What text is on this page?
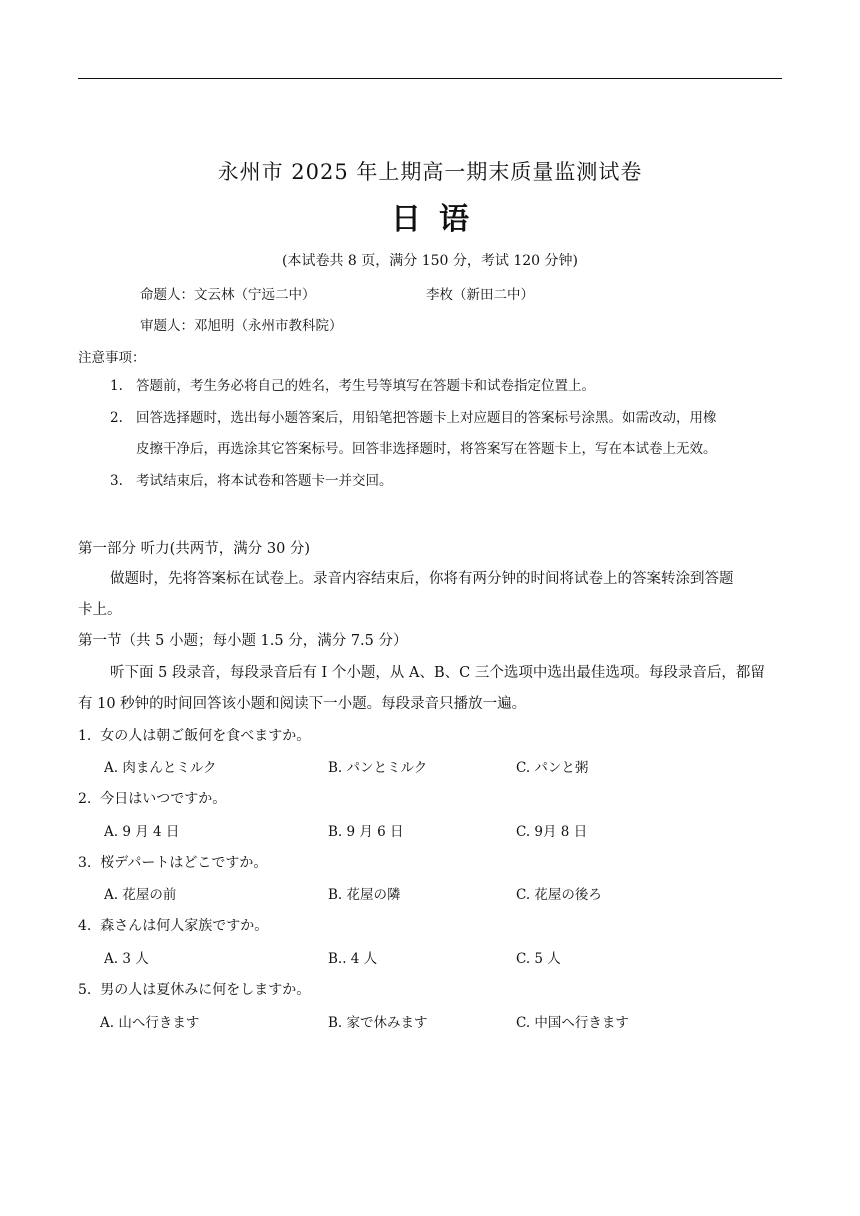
永州市 2025 年上期高一期末质量监测试卷
日语
(本试卷共 8 页，满分 150 分，考试 120 分钟)
命题人：文云林（宁远二中）	李枚（新田二中）
审题人：邓旭明（永州市教科院）
注意事项：
1. 答题前，考生务必将自己的姓名，考生号等填写在答题卡和试卷指定位置上。
2. 回答选择题时，选出每小题答案后，用铅笔把答题卡上对应题目的答案标号涂黑。如需改动，用橡
皮擦干净后，再选涂其它答案标号。回答非选择题时，将答案写在答题卡上，写在本试卷上无效。
3. 考试结束后，将本试卷和答题卡一并交回。
第一部分 听力(共两节，满分 30 分)
做题时，先将答案标在试卷上。录音内容结束后，你将有两分钟的时间将试卷上的答案转涂到答题
卡上。
第一节（共 5 小题；每小题 1.5 分，满分 7.5 分）
听下面 5 段录音，每段录音后有 I 个小题，从 A、B、C 三个选项中选出最佳选项。每段录音后，都留
有 10 秒钟的时间回答该小题和阅读下一小题。每段录音只播放一遍。
1. 女の人は朝ご飯何を食べますか。
A. 肉まんとミルク	B. パンとミルク	C. パンと粥
2. 今日はいつですか。
A. 9 月 4 日	B. 9 月 6 日	C. 9月 8 日
3. 桜デパートはどこですか。
A. 花屋の前	B. 花屋の隣	C. 花屋の後ろ
4. 森さんは何人家族ですか。
A. 3 人	B.. 4 人	C. 5 人
5. 男の人は夏休みに何をしますか。
A. 山へ行きます	B. 家で休みます	C. 中国へ行きます
